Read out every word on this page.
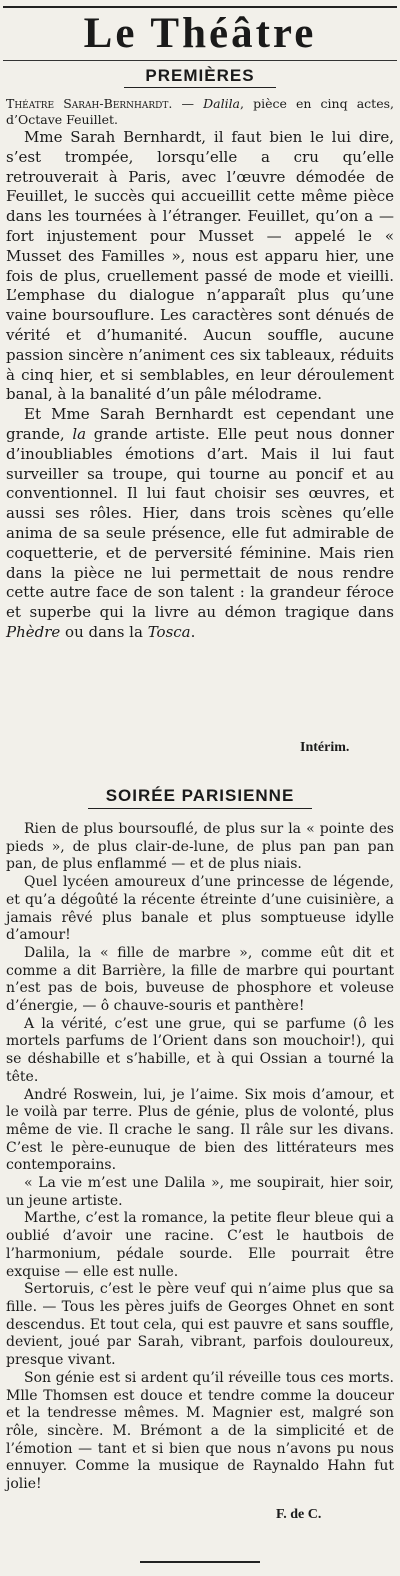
Le Théâtre
PREMIÈRES
Théatre Sarah-Bernhardt. — Dalila, pièce en cinq actes, d’Octave Feuillet.

Mme Sarah Bernhardt, il faut bien le lui dire, s’est trompée, lorsqu’elle a cru qu’elle retrouverait à Paris, avec l’œuvre démodée de Feuillet, le succès qui accueillit cette même pièce dans les tournées à l’étranger. Feuillet, qu’on a — fort injustement pour Musset — appelé le « Musset des Familles », nous est apparu hier, une fois de plus, cruellement passé de mode et vieilli. L’emphase du dialogue n’apparaît plus qu’une vaine boursouflure. Les caractères sont dénués de vérité et d’humanité. Aucun souffle, aucune passion sincère n’animent ces six tableaux, réduits à cinq hier, et si semblables, en leur déroulement banal, à la banalité d’un pâle mélodrame.

Et Mme Sarah Bernhardt est cependant une grande, la grande artiste. Elle peut nous donner d’inoubliables émotions d’art. Mais il lui faut surveiller sa troupe, qui tourne au poncif et au conventionnel. Il lui faut choisir ses œuvres, et aussi ses rôles. Hier, dans trois scènes qu’elle anima de sa seule présence, elle fut admirable de coquetterie, et de perversité féminine. Mais rien dans la pièce ne lui permettait de nous rendre cette autre face de son talent : la grandeur féroce et superbe qui la livre au démon tragique dans Phèdre ou dans la Tosca.

Intérim.
SOIRÉE PARISIENNE

Rien de plus boursouflé, de plus sur la « pointe des pieds », de plus clair-de-lune, de plus pan pan pan pan, de plus enflammé — et de plus niais.

Quel lycéen amoureux d’une princesse de légende, et qu’a dégoûté la récente étreinte d’une cuisinière, a jamais rêvé plus banale et plus somptueuse idylle d’amour!

Dalila, la « fille de marbre », comme eût dit et comme a dit Barrière, la fille de marbre qui pourtant n’est pas de bois, buveuse de phosphore et voleuse d’énergie, — ô chauve-souris et panthère!

A la vérité, c’est une grue, qui se parfume (ô les mortels parfums de l’Orient dans son mouchoir!), qui se déshabille et s’habille, et à qui Ossian a tourné la tête.

André Roswein, lui, je l’aime. Six mois d’amour, et le voilà par terre. Plus de génie, plus de volonté, plus même de vie. Il crache le sang. Il râle sur les divans. C’est le père-eunuque de bien des littérateurs mes contemporains.

« La vie m’est une Dalila », me soupirait, hier soir, un jeune artiste.

Marthe, c’est la romance, la petite fleur bleue qui a oublié d’avoir une racine. C’est le hautbois de l’harmonium, pédale sourde. Elle pourrait être exquise — elle est nulle.

Sertoruis, c’est le père veuf qui n’aime plus que sa fille. — Tous les pères juifs de Georges Ohnet en sont descendus. Et tout cela, qui est pauvre et sans souffle, devient, joué par Sarah, vibrant, parfois douloureux, presque vivant.

Son génie est si ardent qu’il réveille tous ces morts. Mlle Thomsen est douce et tendre comme la douceur et la tendresse mêmes. M. Magnier est, malgré son rôle, sincère. M. Brémont a de la simplicité et de l’émotion — tant et si bien que nous n’avons pu nous ennuyer. Comme la musique de Raynaldo Hahn fut jolie!

F. de C.
